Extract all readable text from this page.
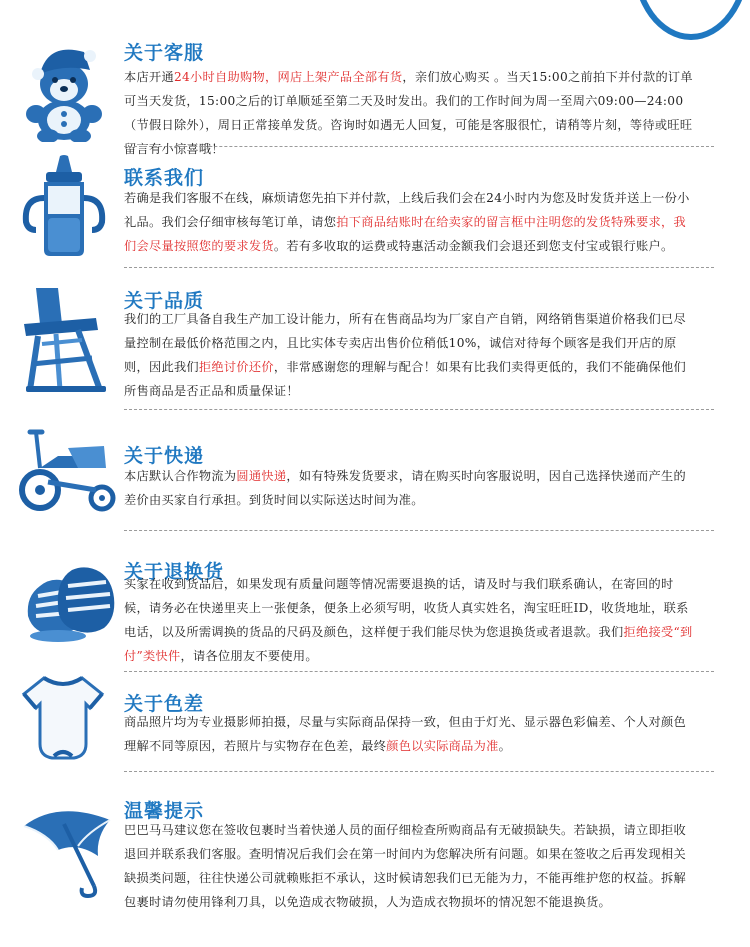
关于客服
本店开通24小时自助购物，网店上架产品全部有货，亲们放心购买 。当天15:00之前拍下并付款的订单可当天发货，15:00之后的订单顺延至第二天及时发出。我们的工作时间为周一至周六09:00—24:00（节假日除外），周日正常接单发货。咨询时如遇无人回复，可能是客服很忙，请稍等片刻，等待或旺旺留言有小惊喜哦！
联系我们
若确是我们客服不在线，麻烦请您先拍下并付款，上线后我们会在24小时内为您及时发货并送上一份小礼品。我们会仔细审核每笔订单，请您拍下商品结账时在给卖家的留言框中注明您的发货特殊要求，我们会尽量按照您的要求发货。若有多收取的运费或特惠活动金额我们会退还到您支付宝或银行账户。
关于品质
我们的工厂具备自我生产加工设计能力，所有在售商品均为厂家自产自销，网络销售渠道价格我们已尽量控制在最低价格范围之内，且比实体专卖店出售价位稍低10%，诚信对待每个顾客是我们开店的原则，因此我们拒绝讨价还价，非常感谢您的理解与配合！如果有比我们卖得更低的，我们不能确保他们所售商品是否正品和质量保证！
关于快递
本店默认合作物流为圆通快递，如有特殊发货要求，请在购买时向客服说明，因自己选择快递而产生的差价由买家自行承担。到货时间以实际送达时间为准。
关于退换货
买家在收到货品后，如果发现有质量问题等情况需要退换的话，请及时与我们联系确认，在寄回的时候，请务必在快递里夹上一张便条，便条上必须写明，收货人真实姓名，淘宝旺旺ID，收货地址，联系电话，以及所需调换的货品的尺码及颜色，这样便于我们能尽快为您退换货或者退款。我们拒绝接受“到付”类快件，请各位朋友不要使用。
关于色差
商品照片均为专业摄影师拍摄，尽量与实际商品保持一致，但由于灯光、显示器色彩偏差、个人对颜色理解不同等原因，若照片与实物存在色差，最终颜色以实际商品为准。
温馨提示
巴巴马马建议您在签收包裹时当着快递人员的面仔细检查所购商品有无破损缺失。若缺损，请立即拒收退回并联系我们客服。查明情况后我们会在第一时间内为您解决所有问题。如果在签收之后再发现相关缺损类问题，往往快递公司就赖账拒不承认，这时候请恕我们已无能为力，不能再维护您的权益。拆解包裹时请勿使用锋利刀具，以免造成衣物破损，人为造成衣物损坏的情况恕不能退换货。
